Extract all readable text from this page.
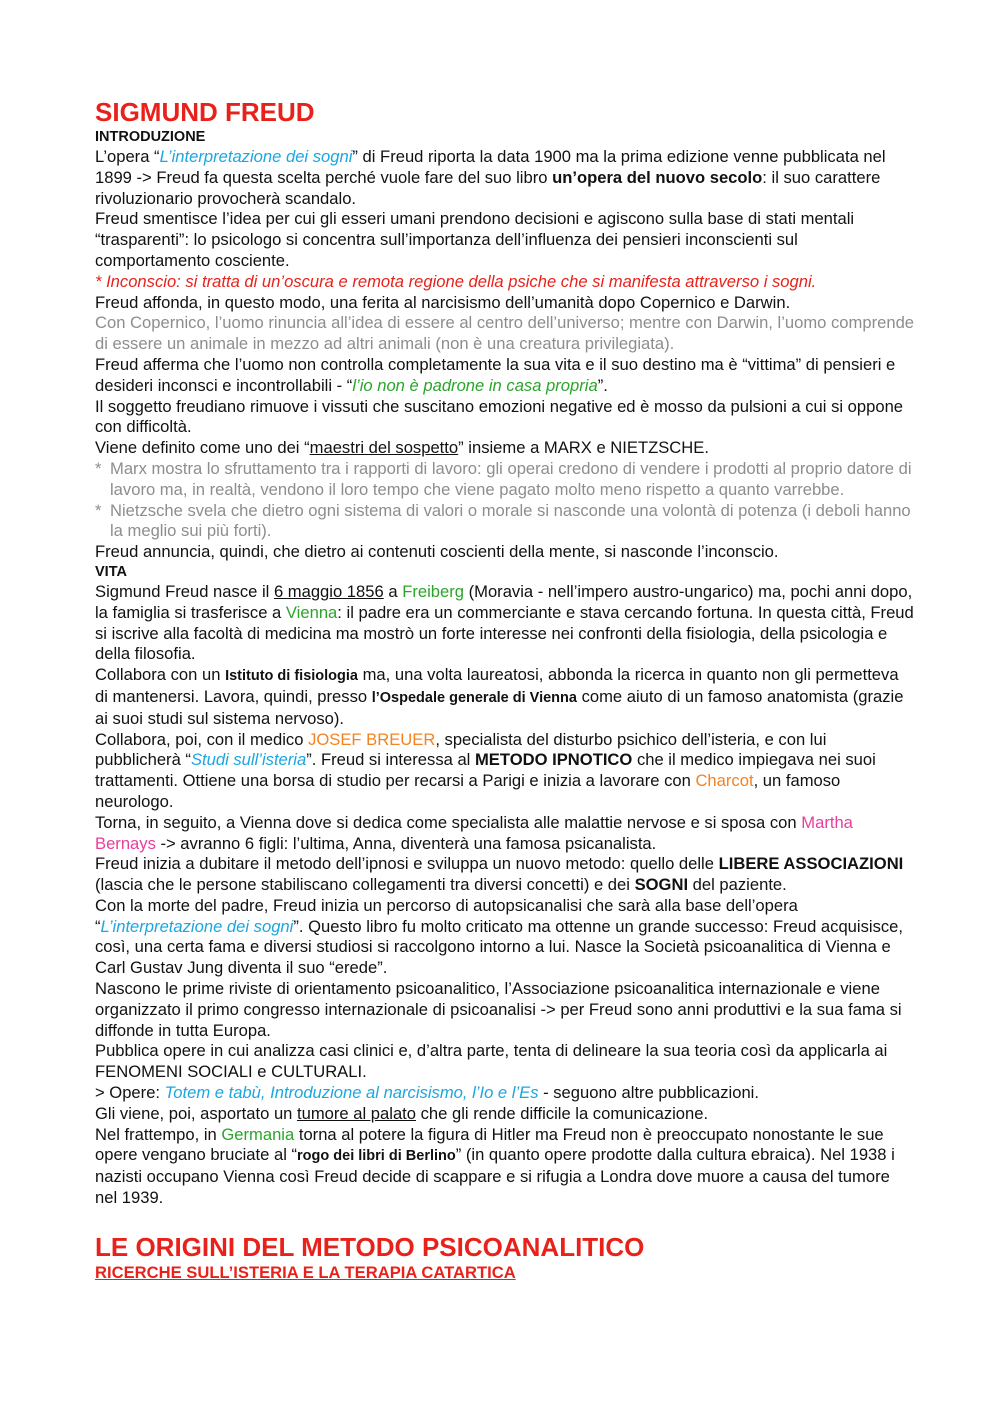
SIGMUND FREUD
INTRODUZIONE

L’opera “L’interpretazione dei sogni” di Freud riporta la data 1900 ma la prima edizione venne pubblicata nel 1899 -> Freud fa questa scelta perché vuole fare del suo libro un’opera del nuovo secolo: il suo carattere rivoluzionario provocherà scandalo.

Freud smentisce l’idea per cui gli esseri umani prendono decisioni e agiscono sulla base di stati mentali “trasparenti”: lo psicologo si concentra sull’importanza dell’influenza dei pensieri inconscienti sul comportamento cosciente.

* Inconscio: si tratta di un’oscura e remota regione della psiche che si manifesta attraverso i sogni.

Freud affonda, in questo modo, una ferita al narcisismo dell’umanità dopo Copernico e Darwin.

Con Copernico, l’uomo rinuncia all’idea di essere al centro dell’universo; mentre con Darwin, l’uomo comprende di essere un animale in mezzo ad altri animali (non è una creatura privilegiata).

Freud afferma che l’uomo non controlla completamente la sua vita e il suo destino ma è “vittima” di pensieri e desideri inconsci e incontrollabili - “l’io non è padrone in casa propria”.

Il soggetto freudiano rimuove i vissuti che suscitano emozioni negative ed è mosso da pulsioni a cui si oppone con difficoltà.

Viene definito come uno dei “maestri del sospetto” insieme a MARX e NIETZSCHE.

* Marx mostra lo sfruttamento tra i rapporti di lavoro: gli operai credono di vendere i prodotti al proprio datore di lavoro ma, in realtà, vendono il loro tempo che viene pagato molto meno rispetto a quanto varrebbe.

* Nietzsche svela che dietro ogni sistema di valori o morale si nasconde una volontà di potenza (i deboli hanno la meglio sui più forti).

Freud annuncia, quindi, che dietro ai contenuti coscienti della mente, si nasconde l’inconscio.

VITA

Sigmund Freud nasce il 6 maggio 1856 a Freiberg (Moravia - nell’impero austro-ungarico) ma, pochi anni dopo, la famiglia si trasferisce a Vienna: il padre era un commerciante e stava cercando fortuna. In questa città, Freud si iscrive alla facoltà di medicina ma mostrò un forte interesse nei confronti della fisiologia, della psicologia e della filosofia.

Collabora con un Istituto di fisiologia ma, una volta laureatosi, abbonda la ricerca in quanto non gli permetteva di mantenersi. Lavora, quindi, presso l’Ospedale generale di Vienna come aiuto di un famoso anatomista (grazie ai suoi studi sul sistema nervoso).

Collabora, poi, con il medico JOSEF BREUER, specialista del disturbo psichico dell’isteria, e con lui pubblicherà “Studi sull’isteria”. Freud si interessa al METODO IPNOTICO che il medico impiegava nei suoi trattamenti. Ottiene una borsa di studio per recarsi a Parigi e inizia a lavorare con Charcot, un famoso neurologo.

Torna, in seguito, a Vienna dove si dedica come specialista alle malattie nervose e si sposa con Martha Bernays -> avranno 6 figli: l’ultima, Anna, diventerà una famosa psicanalista.

Freud inizia a dubitare il metodo dell’ipnosi e sviluppa un nuovo metodo: quello delle LIBERE ASSOCIAZIONI (lascia che le persone stabiliscano collegamenti tra diversi concetti) e dei SOGNI del paziente.

Con la morte del padre, Freud inizia un percorso di autopsicanalisi che sarà alla base dell’opera “L’interpretazione dei sogni”. Questo libro fu molto criticato ma ottenne un grande successo: Freud acquisisce, così, una certa fama e diversi studiosi si raccolgono intorno a lui. Nasce la Società psicoanalitica di Vienna e Carl Gustav Jung diventa il suo “erede”.

Nascono le prime riviste di orientamento psicoanalitico, l’Associazione psicoanalitica internazionale e viene organizzato il primo congresso internazionale di psicoanalisi -> per Freud sono anni produttivi e la sua fama si diffonde in tutta Europa.

Pubblica opere in cui analizza casi clinici e, d’altra parte, tenta di delineare la sua teoria così da applicarla ai FENOMENI SOCIALI e CULTURALI.

> Opere: Totem e tabù, Introduzione al narcisismo, l’Io e l’Es - seguono altre pubblicazioni.

Gli viene, poi, asportato un tumore al palato che gli rende difficile la comunicazione.

Nel frattempo, in Germania torna al potere la figura di Hitler ma Freud non è preoccupato nonostante le sue opere vengano bruciate al “rogo dei libri di Berlino” (in quanto opere prodotte dalla cultura ebraica). Nel 1938 i nazisti occupano Vienna così Freud decide di scappare e si rifugia a Londra dove muore a causa del tumore nel 1939.

LE ORIGINI DEL METODO PSICOANALITICO
RICERCHE SULL’ISTERIA E LA TERAPIA CATARTICA
